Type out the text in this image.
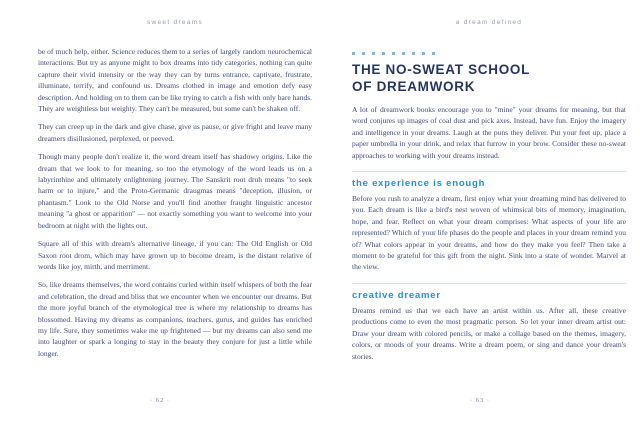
sweet dreams

be of much help, either. Science reduces them to a series of largely random neurochemical interactions. But try as anyone might to box dreams into tidy categories, nothing can quite capture their vivid intensity or the way they can by turns entrance, captivate, frustrate, illuminate, terrify, and confound us. Dreams clothed in image and emotion defy easy description. And holding on to them can be like trying to catch a fish with only bare hands. They are weightless but weighty. They can't be measured, but some can't be shaken off.

They can creep up in the dark and give chase, give us pause, or give fright and leave many dreamers disillusioned, perplexed, or peeved.

Though many people don't realize it, the word dream itself has shadowy origins. Like the dream that we look to for meaning, so too the etymology of the word leads us on a labyrinthine and ultimately enlightening journey. The Sanskrit root druh means "to seek harm or to injure," and the Proto-Germanic draugmas means "deception, illusion, or phantasm." Look to the Old Norse and you'll find another fraught linguistic ancestor meaning "a ghost or apparition" — not exactly something you want to welcome into your bedroom at night with the lights out.

Square all of this with dream's alternative lineage, if you can: The Old English or Old Saxon root drom, which may have grown up to become dream, is the distant relative of words like joy, mirth, and merriment.

So, like dreams themselves, the word contains curled within itself whispers of both the fear and celebration, the dread and bliss that we encounter when we encounter our dreams. But the more joyful branch of the etymological tree is where my relationship to dreams has blossomed. Having my dreams as companions, teachers, gurus, and guides has enriched my life. Sure, they sometimes wake me up frightened — but my dreams can also send me into laughter or spark a longing to stay in the beauty they conjure for just a little while longer.

· 62 ·
a dream defined
THE NO-SWEAT SCHOOL
OF DREAMWORK
A lot of dreamwork books encourage you to "mine" your dreams for meaning, but that word conjures up images of coal dust and pick axes. Instead, have fun. Enjoy the imagery and intelligence in your dreams. Laugh at the puns they deliver. Put your feet up, place a paper umbrella in your drink, and relax that furrow in your brow. Consider these no-sweat approaches to working with your dreams instead.
the experience is enough
Before you rush to analyze a dream, first enjoy what your dreaming mind has delivered to you. Each dream is like a bird's nest woven of whimsical bits of memory, imagination, hope, and fear. Reflect on what your dream comprises: What aspects of your life are represented? Which of your life phases do the people and places in your dream remind you of? What colors appear in your dreams, and how do they make you feel? Then take a moment to be grateful for this gift from the night. Sink into a state of wonder. Marvel at the view.
creative dreamer
Dreams remind us that we each have an artist within us. After all, these creative productions come to even the most pragmatic person. So let your inner dream artist out: Draw your dream with colored pencils, or make a collage based on the themes, imagery, colors, or moods of your dreams. Write a dream poem, or sing and dance your dream's stories.
· 63 ·
